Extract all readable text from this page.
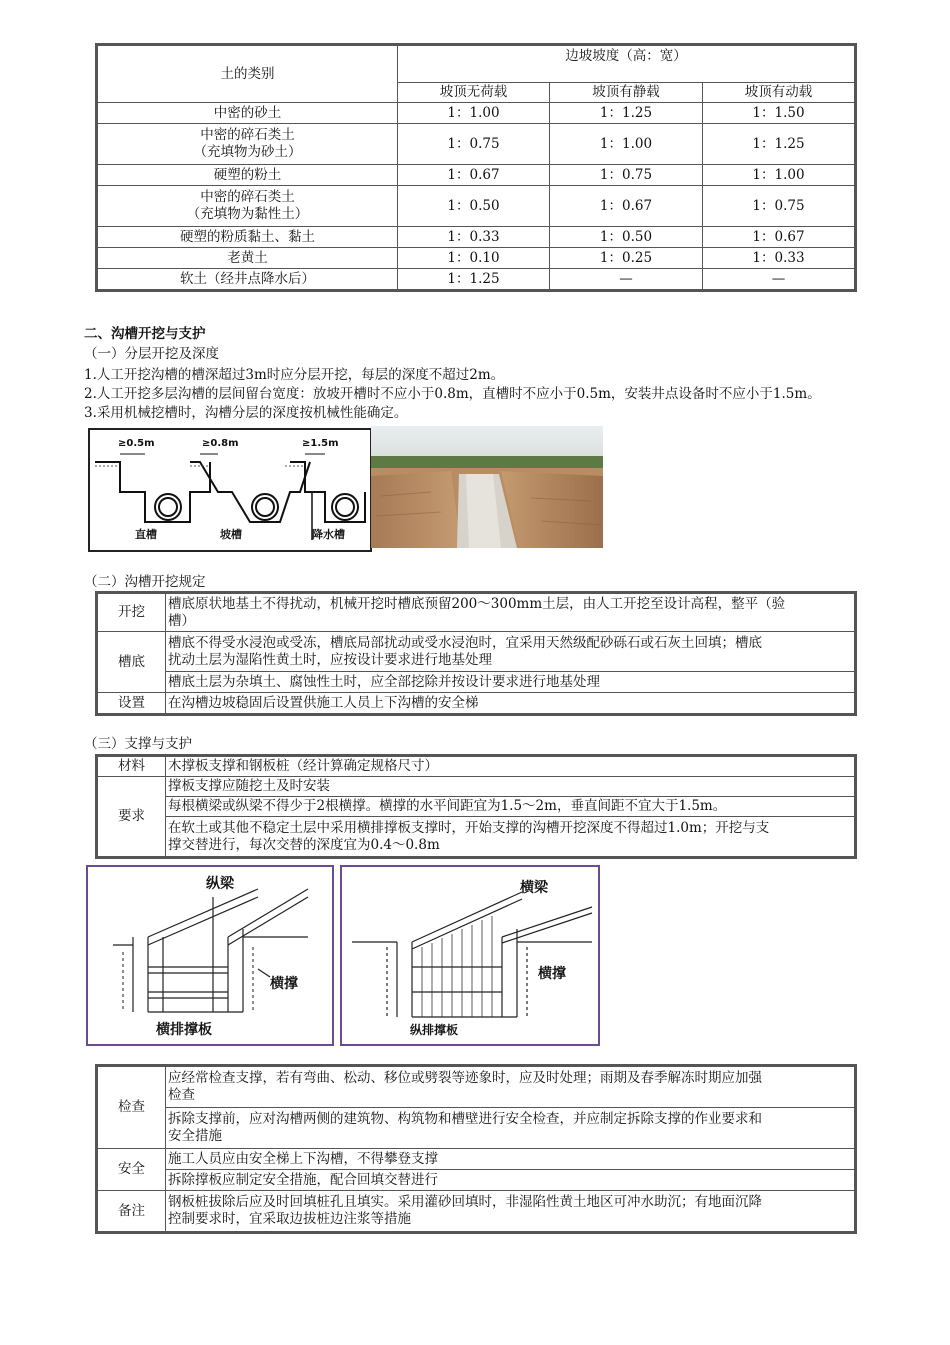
土的类别	边坡坡度（高：宽）		
	坡顶无荷载	坡顶有静载	坡顶有动载
中密的砂土	1：1.00	1：1.25	1：1.50
中密的碎石类土
（充填物为砂土）	1：0.75	1：1.00	1：1.25
硬塑的粉土	1：0.67	1：0.75	1：1.00
中密的碎石类土
（充填物为黏性土）	1：0.50	1：0.67	1：0.75
硬塑的粉质黏土、黏土	1：0.33	1：0.50	1：0.67
老黄土	1：0.10	1：0.25	1：0.33
软土（经井点降水后）	1：1.25	—	—
二、沟槽开挖与支护
（一）分层开挖及深度
1.人工开挖沟槽的槽深超过3m时应分层开挖，每层的深度不超过2m。
2.人工开挖多层沟槽的层间留台宽度：放坡开槽时不应小于0.8m，直槽时不应小于0.5m，安装井点设备时不应小于1.5m。
3.采用机械挖槽时，沟槽分层的深度按机械性能确定。
≥0.5m	≥0.8m	≥1.5m
直槽	坡槽	降水槽
（二）沟槽开挖规定
开挖	槽底原状地基土不得扰动，机械开挖时槽底预留200～300mm土层，由人工开挖至设计高程，整平（验
槽）
槽底	槽底不得受水浸泡或受冻，槽底局部扰动或受水浸泡时，宜采用天然级配砂砾石或石灰土回填；槽底
扰动土层为湿陷性黄土时，应按设计要求进行地基处理
	槽底土层为杂填土、腐蚀性土时，应全部挖除并按设计要求进行地基处理
设置	在沟槽边坡稳固后设置供施工人员上下沟槽的安全梯
（三）支撑与支护
材料	木撑板支撑和钢板桩（经计算确定规格尺寸）
要求	撑板支撑应随挖土及时安装
	每根横梁或纵梁不得少于2根横撑。横撑的水平间距宜为1.5～2m，垂直间距不宜大于1.5m。
	在软土或其他不稳定土层中采用横排撑板支撑时，开始支撑的沟槽开挖深度不得超过1.0m；开挖与支
撑交替进行，每次交替的深度宜为0.4～0.8m
纵梁
横撑
横排撑板
横梁
横撑
纵排撑板
检查	应经常检查支撑，若有弯曲、松动、移位或劈裂等迹象时，应及时处理；雨期及春季解冻时期应加强
检查
	拆除支撑前，应对沟槽两侧的建筑物、构筑物和槽壁进行安全检查，并应制定拆除支撑的作业要求和
安全措施
安全	施工人员应由安全梯上下沟槽，不得攀登支撑
	拆除撑板应制定安全措施，配合回填交替进行
备注	钢板桩拔除后应及时回填桩孔且填实。采用灌砂回填时，非湿陷性黄土地区可冲水助沉；有地面沉降
控制要求时，宜采取边拔桩边注浆等措施
